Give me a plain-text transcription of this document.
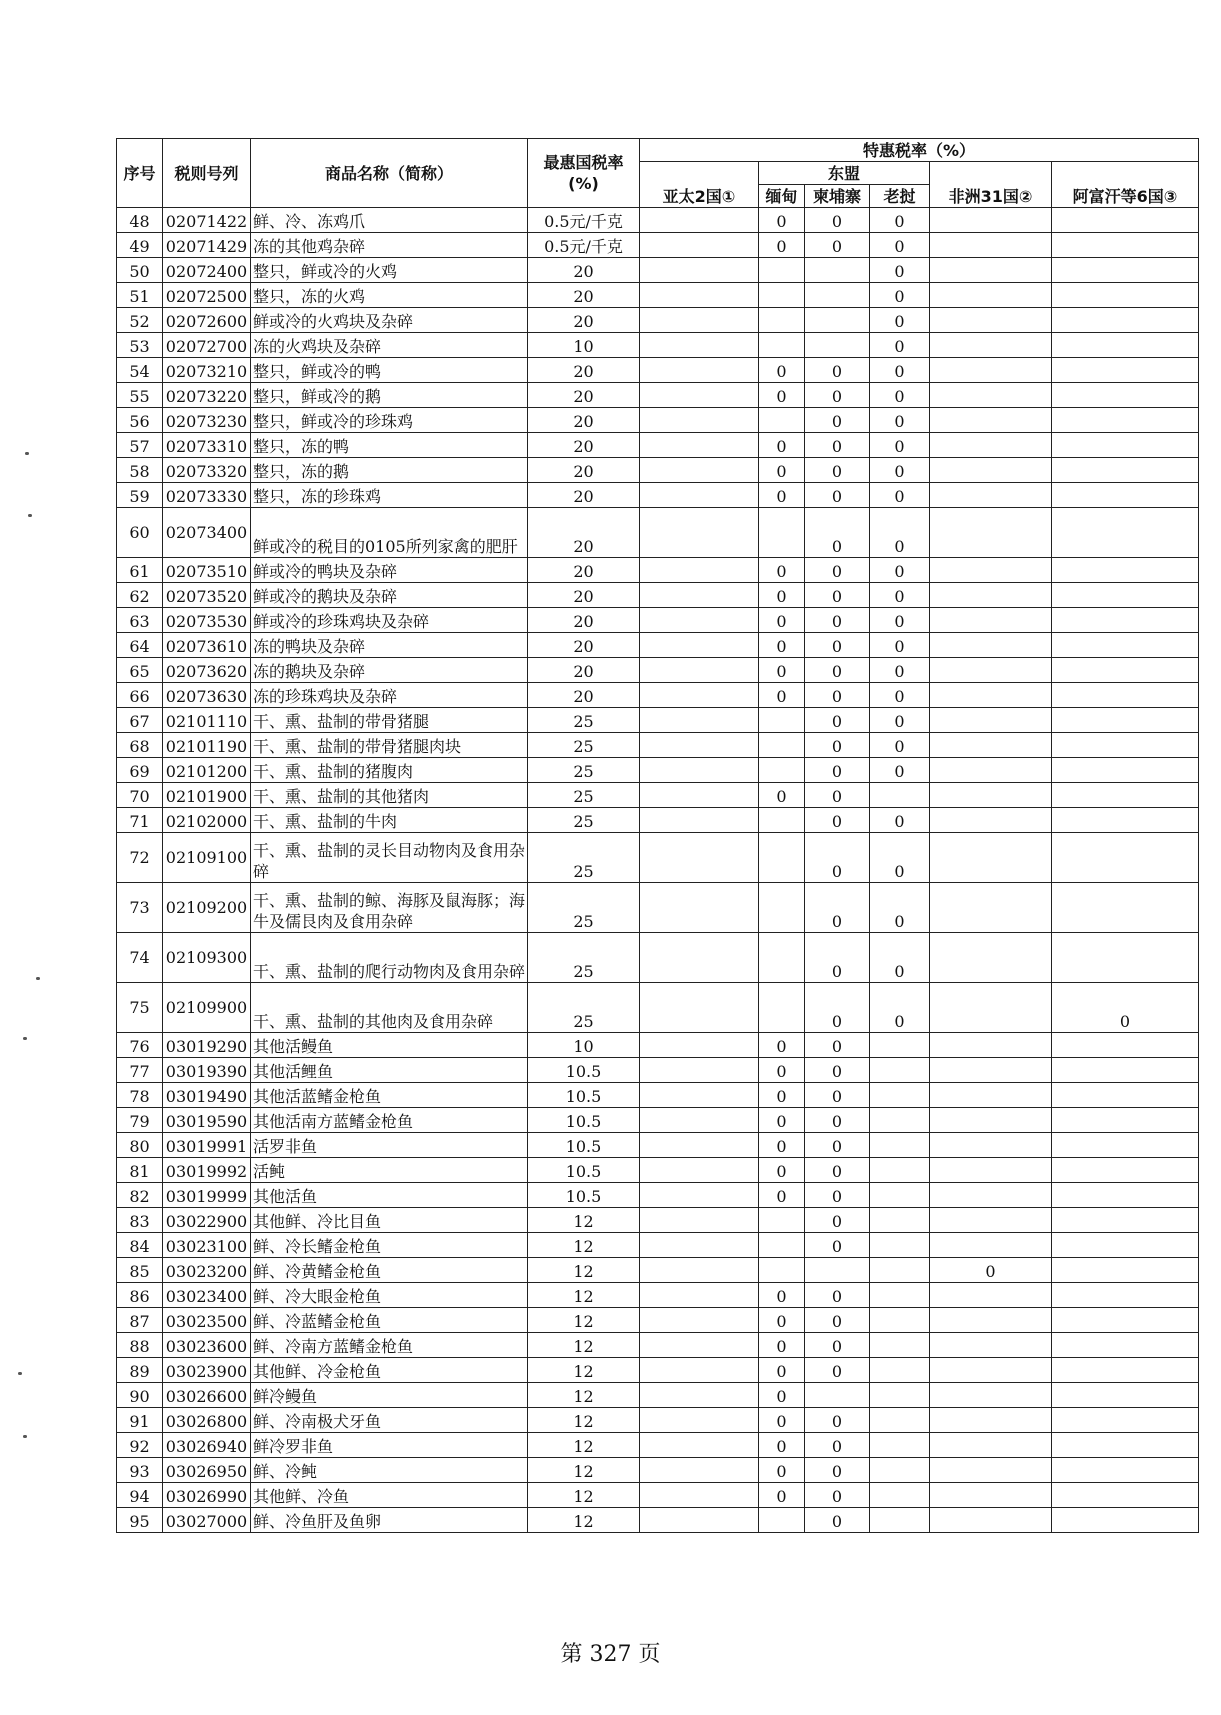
序号	税则号列	商品名称（简称）	最惠国税率
(%)	特惠税率（%）					
				亚太2国①	东盟			非洲31国②	阿富汗等6国③
					缅甸	柬埔寨	老挝		
48	02071422	鲜、冷、冻鸡爪	0.5元/千克		0	0	0		
49	02071429	冻的其他鸡杂碎	0.5元/千克		0	0	0		
50	02072400	整只，鲜或冷的火鸡	20				0		
51	02072500	整只，冻的火鸡	20				0		
52	02072600	鲜或冷的火鸡块及杂碎	20				0		
53	02072700	冻的火鸡块及杂碎	10				0		
54	02073210	整只，鲜或冷的鸭	20		0	0	0		
55	02073220	整只，鲜或冷的鹅	20		0	0	0		
56	02073230	整只，鲜或冷的珍珠鸡	20			0	0		
57	02073310	整只，冻的鸭	20		0	0	0		
58	02073320	整只，冻的鹅	20		0	0	0		
59	02073330	整只，冻的珍珠鸡	20		0	0	0		
60	02073400	鲜或冷的税目的0105所列家禽的肥肝	20			0	0		
61	02073510	鲜或冷的鸭块及杂碎	20		0	0	0		
62	02073520	鲜或冷的鹅块及杂碎	20		0	0	0		
63	02073530	鲜或冷的珍珠鸡块及杂碎	20		0	0	0		
64	02073610	冻的鸭块及杂碎	20		0	0	0		
65	02073620	冻的鹅块及杂碎	20		0	0	0		
66	02073630	冻的珍珠鸡块及杂碎	20		0	0	0		
67	02101110	干、熏、盐制的带骨猪腿	25			0	0		
68	02101190	干、熏、盐制的带骨猪腿肉块	25			0	0		
69	02101200	干、熏、盐制的猪腹肉	25			0	0		
70	02101900	干、熏、盐制的其他猪肉	25		0	0			
71	02102000	干、熏、盐制的牛肉	25			0	0		
72	02109100	干、熏、盐制的灵长目动物肉及食用杂碎	25			0	0		
73	02109200	干、熏、盐制的鲸、海豚及鼠海豚；海牛及儒艮肉及食用杂碎	25			0	0		
74	02109300	干、熏、盐制的爬行动物肉及食用杂碎	25			0	0		
75	02109900	干、熏、盐制的其他肉及食用杂碎	25			0	0		0
76	03019290	其他活鳗鱼	10		0	0			
77	03019390	其他活鲤鱼	10.5		0	0			
78	03019490	其他活蓝鳍金枪鱼	10.5		0	0			
79	03019590	其他活南方蓝鳍金枪鱼	10.5		0	0			
80	03019991	活罗非鱼	10.5		0	0			
81	03019992	活鲀	10.5		0	0			
82	03019999	其他活鱼	10.5		0	0			
83	03022900	其他鲜、冷比目鱼	12			0			
84	03023100	鲜、冷长鳍金枪鱼	12			0			
85	03023200	鲜、冷黄鳍金枪鱼	12					0	
86	03023400	鲜、冷大眼金枪鱼	12		0	0			
87	03023500	鲜、冷蓝鳍金枪鱼	12		0	0			
88	03023600	鲜、冷南方蓝鳍金枪鱼	12		0	0			
89	03023900	其他鲜、冷金枪鱼	12		0	0			
90	03026600	鲜冷鳗鱼	12		0				
91	03026800	鲜、冷南极犬牙鱼	12		0	0			
92	03026940	鲜冷罗非鱼	12		0	0			
93	03026950	鲜、冷鲀	12		0	0			
94	03026990	其他鲜、冷鱼	12		0	0			
95	03027000	鲜、冷鱼肝及鱼卵	12			0			
第 327 页
